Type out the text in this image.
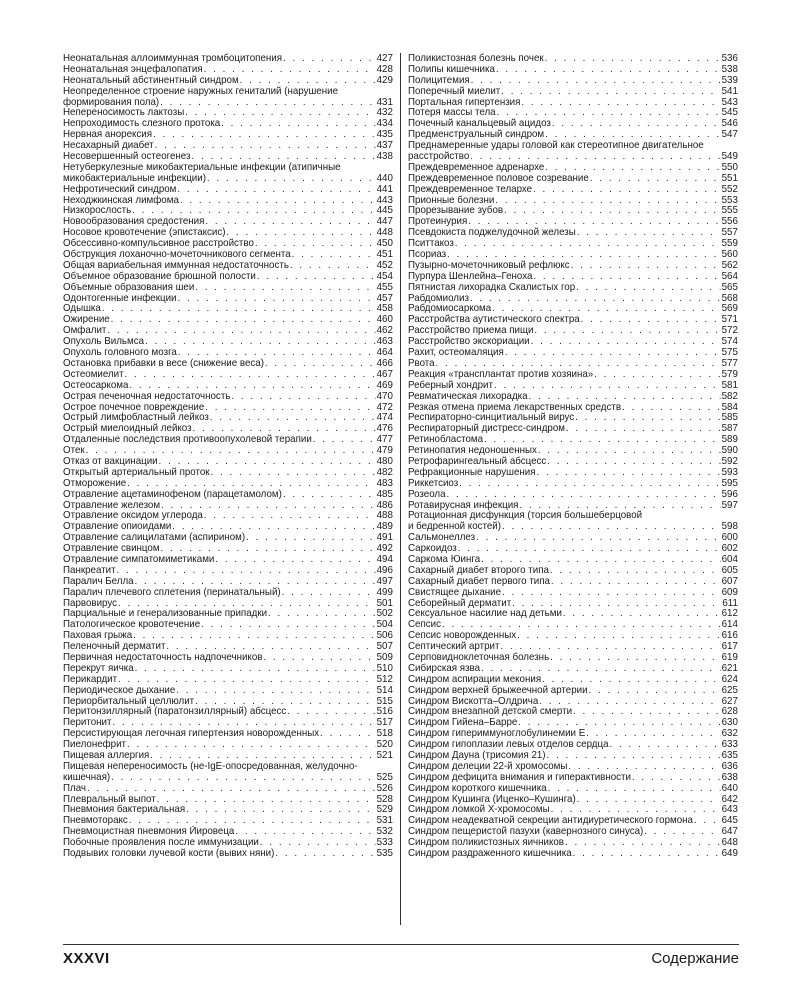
Неонатальная аллоиммунная тромбоцитопения . . .	427
Неонатальная энцефалопатия . . .	428
Неонатальный абстинентный синдром . . .	429
Неопределенное строение наружных гениталий (нарушение
формирования пола) . . .	431
Непереносимость лактозы . . .	432
Непроходимость слезного протока . . .	434
Нервная анорексия . . .	435
Несахарный диабет . . .	437
Несовершенный остеогенез . . .	438
Нетуберкулезные микобактериальные инфекции (атипичные
микобактериальные инфекции) . . .	440
Нефротический синдром . . .	441
Неходжкинская лимфома . . .	443
Низкорослость . . .	445
Новообразования средостения . . .	447
Носовое кровотечение (эпистаксис) . . .	448
Обсессивно-компульсивное расстройство . . .	450
Обструкция лоханочно-мочеточникового сегмента . . .	451
Общая вариабельная иммунная недостаточность . . .	452
Объемное образование брюшной полости . . .	454
Объемные образования шеи . . .	455
Одонтогенные инфекции . . .	457
Одышка . . .	458
Ожирение . . .	460
Омфалит . . .	462
Опухоль Вильмса . . .	463
Опухоль головного мозга . . .	464
Остановка прибавки в весе (снижение веса) . . .	466
Остеомиелит . . .	467
Остеосаркома . . .	469
Острая печеночная недостаточность . . .	470
Острое почечное повреждение . . .	472
Острый лимфобластный лейкоз . . .	474
Острый миелоидный лейкоз . . .	476
Отдаленные последствия противоопухолевой терапии . . .	477
Отек . . .	479
Отказ от вакцинации . . .	480
Открытый артериальный проток . . .	482
Отморожение . . .	483
Отравление ацетаминофеном (парацетамолом) . . .	485
Отравление железом . . .	486
Отравление оксидом углерода . . .	488
Отравление опиоидами . . .	489
Отравление салицилатами (аспирином) . . .	491
Отравление свинцом . . .	492
Отравление симпатомиметиками . . .	494
Панкреатит . . .	496
Паралич Белла . . .	497
Паралич плечевого сплетения (перинатальный) . . .	499
Парвовирус . . .	501
Парциальные и генерализованные припадки . . .	502
Патологическое кровотечение . . .	504
Паховая грыжа . . .	506
Пеленочный дерматит . . .	507
Первичная недостаточность надпочечников . . .	509
Перекрут яичка . . .	510
Перикардит . . .	512
Периодическое дыхание . . .	514
Периорбитальный целлюлит . . .	515
Перитонзиллярный (паратонзиллярный) абсцесс . . .	516
Перитонит . . .	517
Персистирующая легочная гипертензия новорожденных . . .	518
Пиелонефрит . . .	520
Пищевая аллергия . . .	521
Пищевая непереносимость (не-IgE-опосредованная, желудочно-
кишечная) . . .	525
Плач . . .	526
Плевральный выпот . . .	528
Пневмония бактериальная . . .	529
Пневмоторакс . . .	531
Пневмоцистная пневмония Йировеца . . .	532
Побочные проявления после иммунизации . . .	533
Подвывих головки лучевой кости (вывих няни) . . .	535
Поликистозная болезнь почек . . .	536
Полипы кишечника . . .	538
Полицитемия . . .	539
Поперечный миелит . . .	541
Портальная гипертензия . . .	543
Потеря массы тела . . .	545
Почечный канальцевый ацидоз . . .	546
Предменструальный синдром . . .	547
Преднамеренные удары головой как стереотипное двигательное
расстройство . . .	549
Преждевременное адренархе . . .	550
Преждевременное половое созревание . . .	551
Преждевременное телархе . . .	552
Прионные болезни . . .	553
Прорезывание зубов . . .	555
Протеинурия . . .	556
Псевдокиста поджелудочной железы . . .	557
Пситтакоз . . .	559
Псориаз . . .	560
Пузырно-мочеточниковый рефлюкс . . .	562
Пурпура Шенлейна–Геноха . . .	564
Пятнистая лихорадка Скалистых гор . . .	565
Рабдомиолиз . . .	568
Рабдомиосаркома . . .	569
Расстройства аутистического спектра . . .	571
Расстройство приема пищи . . .	572
Расстройство экскориации . . .	574
Рахит, остеомаляция . . .	575
Рвота . . .	577
Реакция «трансплантат против хозяина» . . .	579
Реберный хондрит . . .	581
Ревматическая лихорадка . . .	582
Резкая отмена приема лекарственных средств . . .	584
Респираторно-синцитиальный вирус . . .	585
Респираторный дистресс-синдром . . .	587
Ретинобластома . . .	589
Ретинопатия недоношенных . . .	590
Ретрофарингеальный абсцесс . . .	592
Рефракционные нарушения . . .	593
Риккетсиоз . . .	595
Розеола . . .	596
Ротавирусная инфекция . . .	597
Ротационная дисфункция (торсия большеберцовой
и бедренной костей) . . .	598
Сальмонеллез . . .	600
Саркоидоз . . .	602
Саркома Юинга . . .	604
Сахарный диабет второго типа . . .	605
Сахарный диабет первого типа . . .	607
Свистящее дыхание . . .	609
Себорейный дерматит . . .	611
Сексуальное насилие над детьми . . .	612
Сепсис . . .	614
Сепсис новорожденных . . .	616
Септический артрит . . .	617
Серповидноклеточная болезнь . . .	619
Сибирская язва . . .	621
Синдром аспирации мекония . . .	624
Синдром верхней брыжеечной артерии . . .	625
Синдром Вискотта–Олдрича . . .	627
Синдром внезапной детской смерти . . .	628
Синдром Гийена–Барре . . .	630
Синдром гипериммуноглобулинемии E . . .	632
Синдром гипоплазии левых отделов сердца . . .	633
Синдром Дауна (трисомия 21) . . .	635
Синдром делеции 22-й хромосомы . . .	636
Синдром дефицита внимания и гиперактивности . . .	638
Синдром короткого кишечника . . .	640
Синдром Кушинга (Иценко–Кушинга) . . .	642
Синдром ломкой X-хромосомы . . .	643
Синдром неадекватной секреции антидиуретического гормона . . .	645
Синдром пещеристой пазухи (кавернозного синуса) . . .	647
Синдром поликистозных яичников . . .	648
Синдром раздраженного кишечника . . .	649
XXXVI	Содержание
